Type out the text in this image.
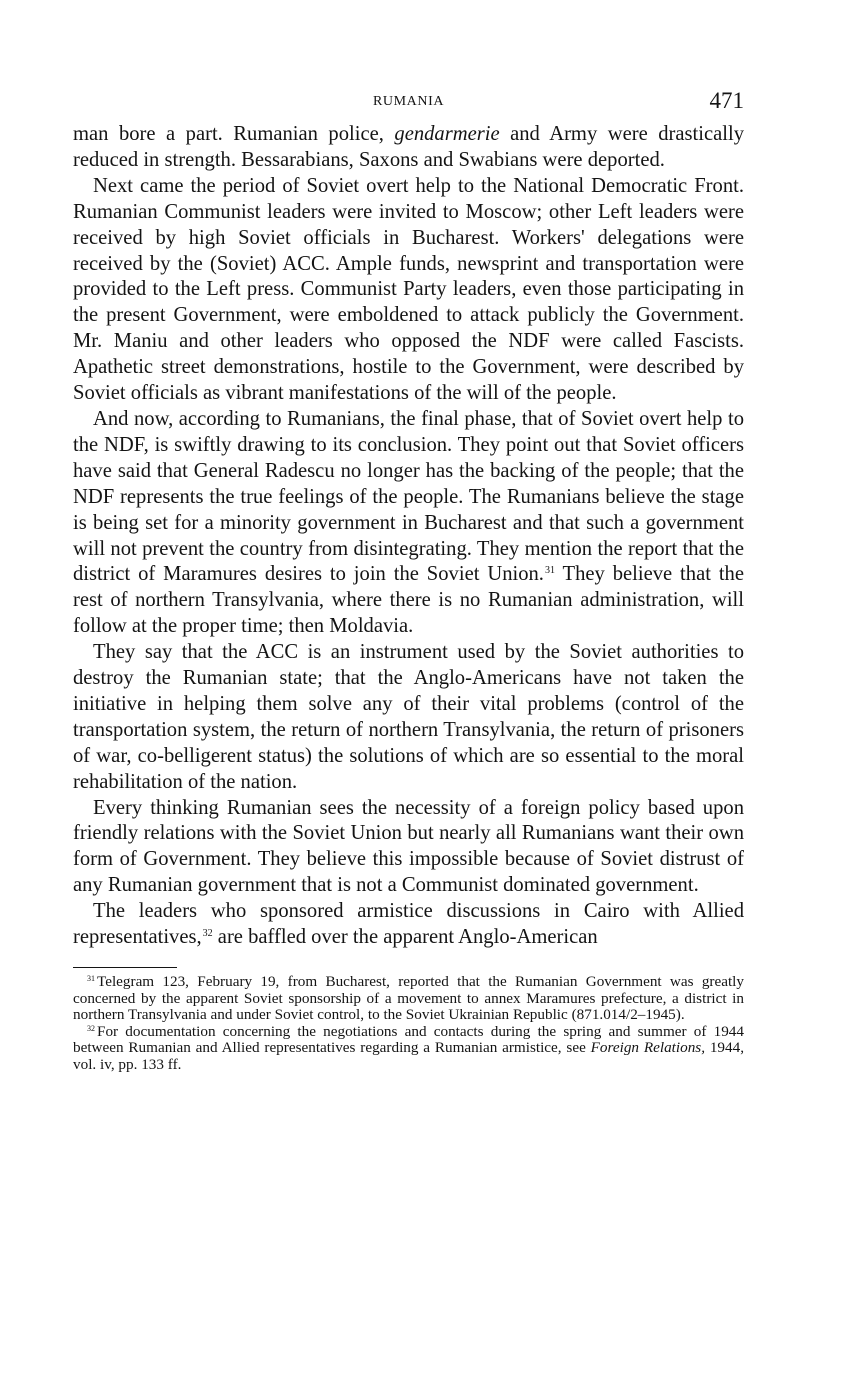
RUMANIA	471

man bore a part. Rumanian police, gendarmerie and Army were drastically reduced in strength. Bessarabians, Saxons and Swabians were deported.

Next came the period of Soviet overt help to the National Democratic Front. Rumanian Communist leaders were invited to Moscow; other Left leaders were received by high Soviet officials in Bucharest. Workers' delegations were received by the (Soviet) ACC. Ample funds, newsprint and transportation were provided to the Left press. Communist Party leaders, even those participating in the present Government, were emboldened to attack publicly the Government. Mr. Maniu and other leaders who opposed the NDF were called Fascists. Apathetic street demonstrations, hostile to the Government, were described by Soviet officials as vibrant manifestations of the will of the people.

And now, according to Rumanians, the final phase, that of Soviet overt help to the NDF, is swiftly drawing to its conclusion. They point out that Soviet officers have said that General Radescu no longer has the backing of the people; that the NDF represents the true feelings of the people. The Rumanians believe the stage is being set for a minority government in Bucharest and that such a government will not prevent the country from disintegrating. They mention the report that the district of Maramures desires to join the Soviet Union.$^{31}$ They believe that the rest of northern Transylvania, where there is no Rumanian administration, will follow at the proper time; then Moldavia.

They say that the ACC is an instrument used by the Soviet authorities to destroy the Rumanian state; that the Anglo-Americans have not taken the initiative in helping them solve any of their vital problems (control of the transportation system, the return of northern Transylvania, the return of prisoners of war, co-belligerent status) the solutions of which are so essential to the moral rehabilitation of the nation.

Every thinking Rumanian sees the necessity of a foreign policy based upon friendly relations with the Soviet Union but nearly all Rumanians want their own form of Government. They believe this impossible because of Soviet distrust of any Rumanian government that is not a Communist dominated government.

The leaders who sponsored armistice discussions in Cairo with Allied representatives,$^{32}$ are baffled over the apparent Anglo-American

$^{31}$ Telegram 123, February 19, from Bucharest, reported that the Rumanian Government was greatly concerned by the apparent Soviet sponsorship of a movement to annex Maramures prefecture, a district in northern Transylvania and under Soviet control, to the Soviet Ukrainian Republic (871.014/2–1945).

$^{32}$ For documentation concerning the negotiations and contacts during the spring and summer of 1944 between Rumanian and Allied representatives regarding a Rumanian armistice, see Foreign Relations, 1944, vol. iv, pp. 133 ff.
